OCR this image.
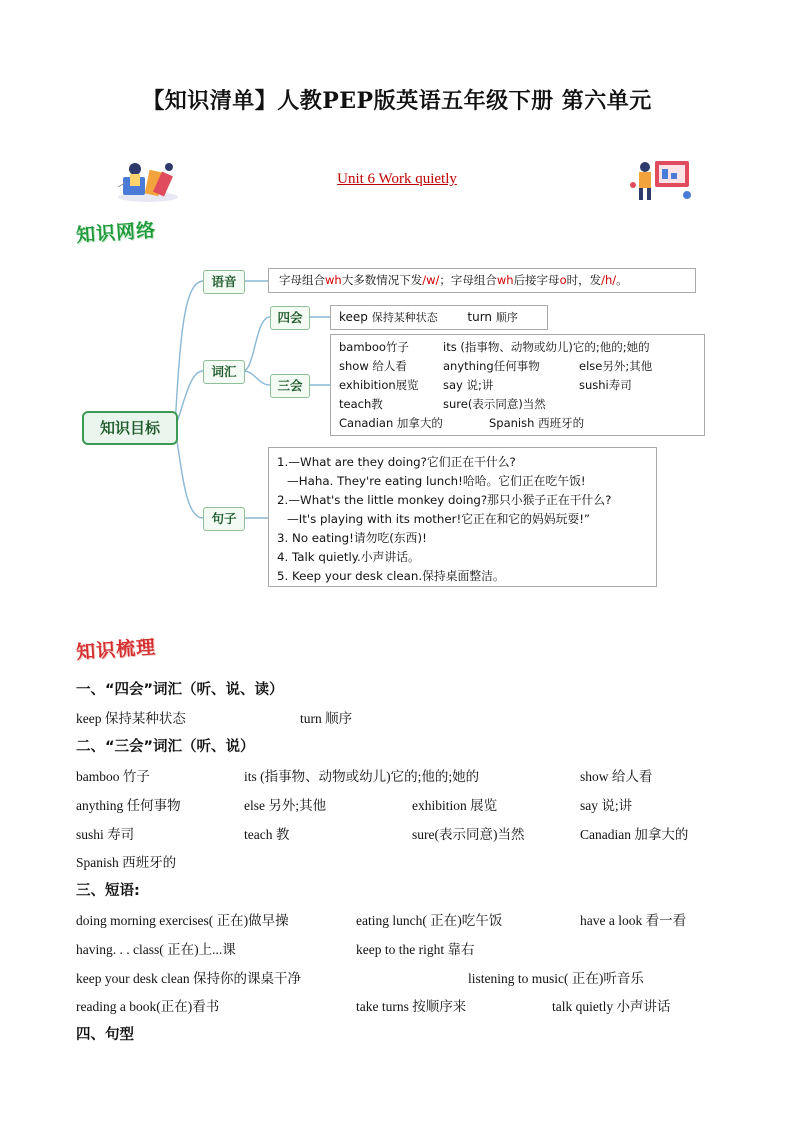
【知识清单】人教PEP版英语五年级下册 第六单元
Unit 6 Work quietly
知识网络
知识目标
语音
词汇
句子
四会
三会
字母组合wh大多数情况下发/w/；字母组合wh后接字母o时，发/h/。
keep 保持某种状态 turn 顺序
bamboo竹子	its (指事物、动物或幼儿)它的;他的;她的
show 给人看	anything任何事物	else另外;其他
exhibition展览 say 说;讲	sushi寿司
teach教	sure(表示同意)当然
Canadian 加拿大的	Spanish 西班牙的
1.—What are they doing?它们正在干什么?
—Haha. They're eating lunch!哈哈。它们正在吃午饭!
2.—What's the little monkey doing?那只小猴子正在干什么?
—It's playing with its mother!它正在和它的妈妈玩耍!”
3. No eating!请勿吃(东西)!
4. Talk quietly.小声讲话。
5. Keep your desk clean.保持桌面整洁。
知识梳理
一、“四会”词汇（听、说、读）
keep 保持某种状态	turn 顺序
二、“三会”词汇（听、说）
bamboo 竹子	its (指事物、动物或幼儿)它的;他的;她的	show 给人看
anything 任何事物	else 另外;其他	exhibition 展览	say 说;讲
sushi 寿司	teach 教	sure(表示同意)当然	Canadian 加拿大的
Spanish 西班牙的
三、短语:
doing morning exercises( 正在)做早操	eating lunch( 正在)吃午饭	have a look 看一看
having. . . class( 正在)上...课	keep to the right 靠右
keep your desk clean 保持你的课桌干净	listening to music( 正在)听音乐
reading a book(正在)看书	take turns 按顺序来	talk quietly 小声讲话
四、句型
